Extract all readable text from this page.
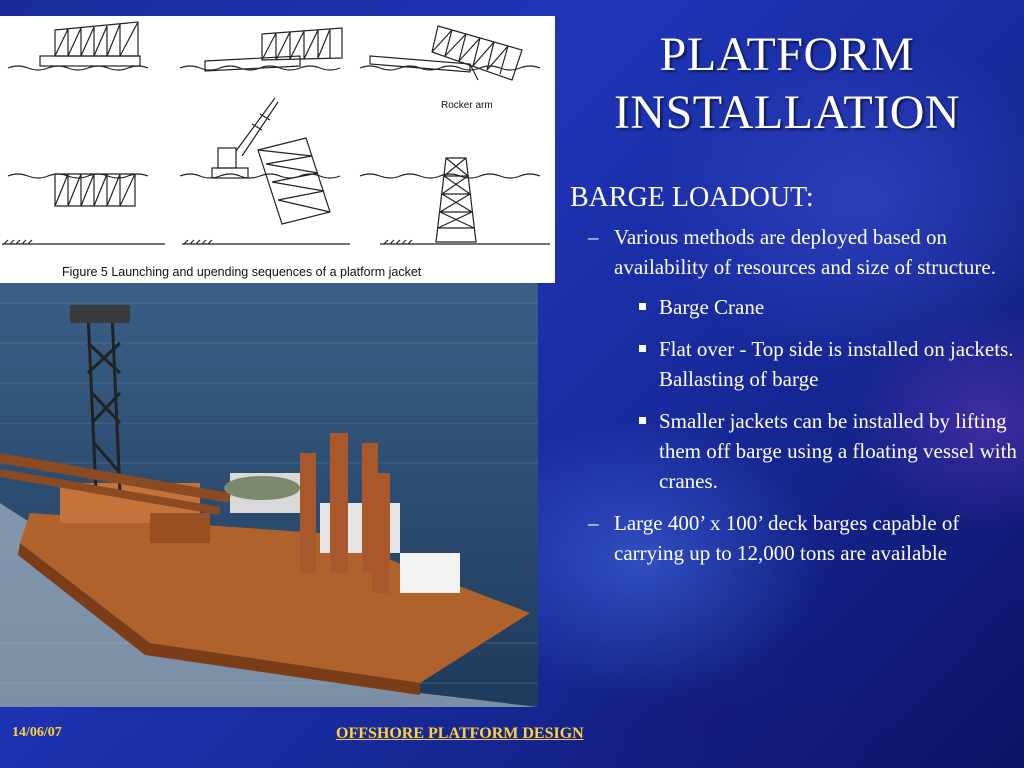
Rocker arm
Figure 5 Launching and upending sequences of a platform jacket
PLATFORM
INSTALLATION
BARGE LOADOUT:
– Various methods are deployed based on availability of resources and size of structure.
Barge Crane
Flat over - Top side is installed on jackets. Ballasting of barge
Smaller jackets can be installed by lifting them off barge using a floating vessel with cranes.
– Large 400’ x 100’ deck barges capable of carrying up to 12,000 tons are available
14/06/07	OFFSHORE PLATFORM DESIGN
